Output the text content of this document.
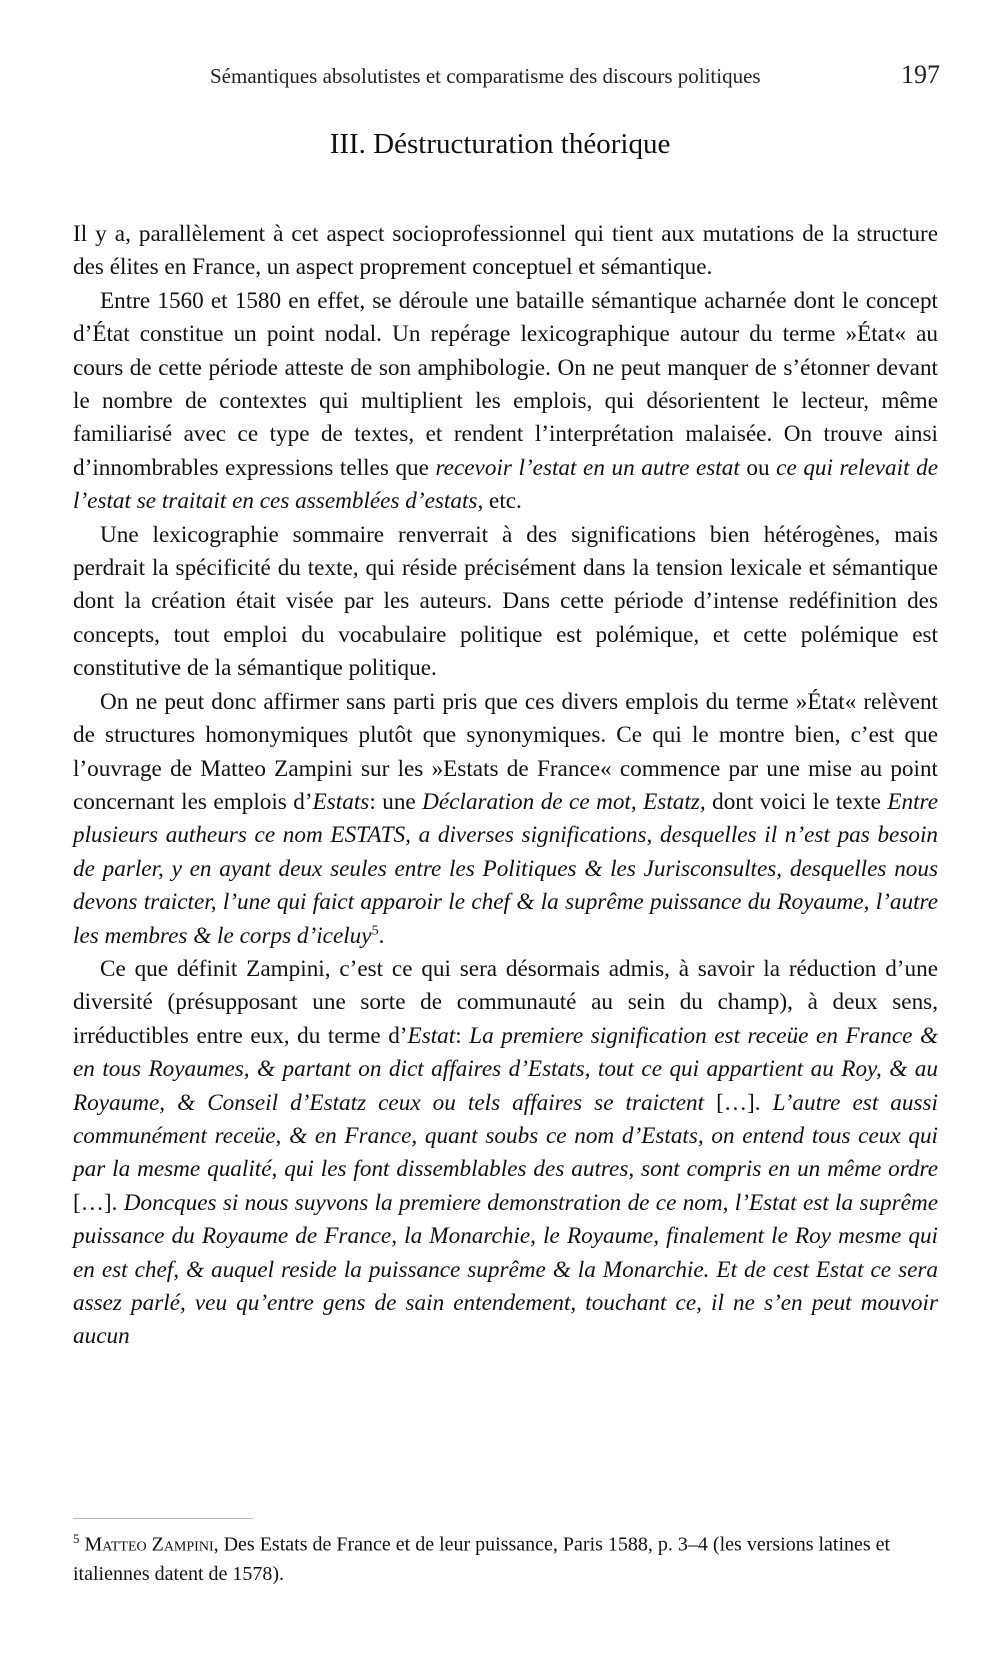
Sémantiques absolutistes et comparatisme des discours politiques	197
III. Déstructuration théorique

Il y a, parallèlement à cet aspect socioprofessionnel qui tient aux mutations de la structure des élites en France, un aspect proprement conceptuel et sémantique.

Entre 1560 et 1580 en effet, se déroule une bataille sémantique acharnée dont le concept d’État constitue un point nodal. Un repérage lexicographique autour du terme »État« au cours de cette période atteste de son amphibologie. On ne peut manquer de s’étonner devant le nombre de contextes qui multiplient les emplois, qui désorientent le lecteur, même familiarisé avec ce type de textes, et rendent l’interprétation malaisée. On trouve ainsi d’innombrables expressions telles que recevoir l’estat en un autre estat ou ce qui relevait de l’estat se traitait en ces assemblées d’estats, etc.

Une lexicographie sommaire renverrait à des significations bien hétérogènes, mais perdrait la spécificité du texte, qui réside précisément dans la tension lexicale et sémantique dont la création était visée par les auteurs. Dans cette période d’intense redéfinition des concepts, tout emploi du vocabulaire politique est polémique, et cette polémique est constitutive de la sémantique politique.

On ne peut donc affirmer sans parti pris que ces divers emplois du terme »État« relèvent de structures homonymiques plutôt que synonymiques. Ce qui le montre bien, c’est que l’ouvrage de Matteo Zampini sur les »Estats de France« commence par une mise au point concernant les emplois d’Estats: une Déclaration de ce mot, Estatz, dont voici le texte Entre plusieurs autheurs ce nom ESTATS, a diverses significations, desquelles il n’est pas besoin de parler, y en ayant deux seules entre les Politiques & les Jurisconsultes, desquelles nous devons traicter, l’une qui faict apparoir le chef & la suprême puissance du Royaume, l’autre les membres & le corps d’iceluy$^5$.

Ce que définit Zampini, c’est ce qui sera désormais admis, à savoir la réduction d’une diversité (présupposant une sorte de communauté au sein du champ), à deux sens, irréductibles entre eux, du terme d’Estat: La premiere signification est receüe en France & en tous Royaumes, & partant on dict affaires d’Estats, tout ce qui appartient au Roy, & au Royaume, & Conseil d’Estatz ceux ou tels affaires se traictent […]. L’autre est aussi communément receüe, & en France, quant soubs ce nom d’Estats, on entend tous ceux qui par la mesme qualité, qui les font dissemblables des autres, sont compris en un même ordre […]. Doncques si nous suyvons la premiere demonstration de ce nom, l’Estat est la suprême puissance du Royaume de France, la Monarchie, le Royaume, finalement le Roy mesme qui en est chef, & auquel reside la puissance suprême & la Monarchie. Et de cest Estat ce sera assez parlé, veu qu’entre gens de sain entendement, touchant ce, il ne s’en peut mouvoir aucun

$^5$ Matteo Zampini, Des Estats de France et de leur puissance, Paris 1588, p. 3–4 (les versions latines et italiennes datent de 1578).
